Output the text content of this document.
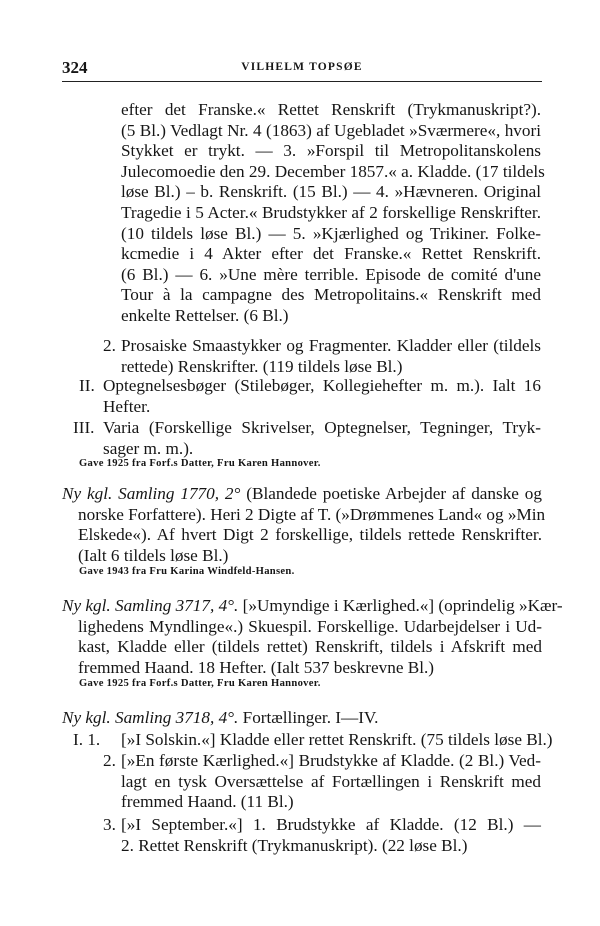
324	VILHELM TOPSØE
efter det Franske.« Rettet Renskrift (Trykmanuskript?).
(5 Bl.) Vedlagt Nr. 4 (1863) af Ugebladet »Sværmere«, hvori
Stykket er trykt. — 3. »Forspil til Metropolitanskolens
Julecomoedie den 29. December 1857.« a. Kladde. (17 tildels
løse Bl.) – b. Renskrift. (15 Bl.) — 4. »Hævneren. Original
Tragedie i 5 Acter.« Brudstykker af 2 forskellige Renskrifter.
(10 tildels løse Bl.) — 5. »Kjærlighed og Trikiner. Folke-
kcmedie i 4 Akter efter det Franske.« Rettet Renskrift.
(6 Bl.) — 6. »Une mère terrible. Episode de comité d'une
Tour à la campagne des Metropolitains.« Renskrift med
enkelte Rettelser. (6 Bl.)
2. Prosaiske Smaastykker og Fragmenter. Kladder eller (tildels
rettede) Renskrifter. (119 tildels løse Bl.)
II. Optegnelsesbøger (Stilebøger, Kollegiehefter m. m.). Ialt 16
Hefter.
III. Varia (Forskellige Skrivelser, Optegnelser, Tegninger, Tryk-
sager m. m.).
Gave 1925 fra Forf.s Datter, Fru Karen Hannover.
Ny kgl. Samling 1770, 2° (Blandede poetiske Arbejder af danske og
norske Forfattere). Heri 2 Digte af T. (»Drømmenes Land« og »Min
Elskede«). Af hvert Digt 2 forskellige, tildels rettede Renskrifter.
(Ialt 6 tildels løse Bl.)
Gave 1943 fra Fru Karina Windfeld-Hansen.
Ny kgl. Samling 3717, 4°. [»Umyndige i Kærlighed.«] (oprindelig »Kær-
lighedens Myndlinge«.) Skuespil. Forskellige. Udarbejdelser i Ud-
kast, Kladde eller (tildels rettet) Renskrift, tildels i Afskrift med
fremmed Haand. 18 Hefter. (Ialt 537 beskrevne Bl.)
Gave 1925 fra Forf.s Datter, Fru Karen Hannover.
Ny kgl. Samling 3718, 4°. Fortællinger. I—IV.
I. 1. [»I Solskin.«] Kladde eller rettet Renskrift. (75 tildels løse Bl.)
2. [»En første Kærlighed.«] Brudstykke af Kladde. (2 Bl.) Ved-
lagt en tysk Oversættelse af Fortællingen i Renskrift med
fremmed Haand. (11 Bl.)
3. [»I September.«] 1. Brudstykke af Kladde. (12 Bl.) —
2. Rettet Renskrift (Trykmanuskript). (22 løse Bl.)
